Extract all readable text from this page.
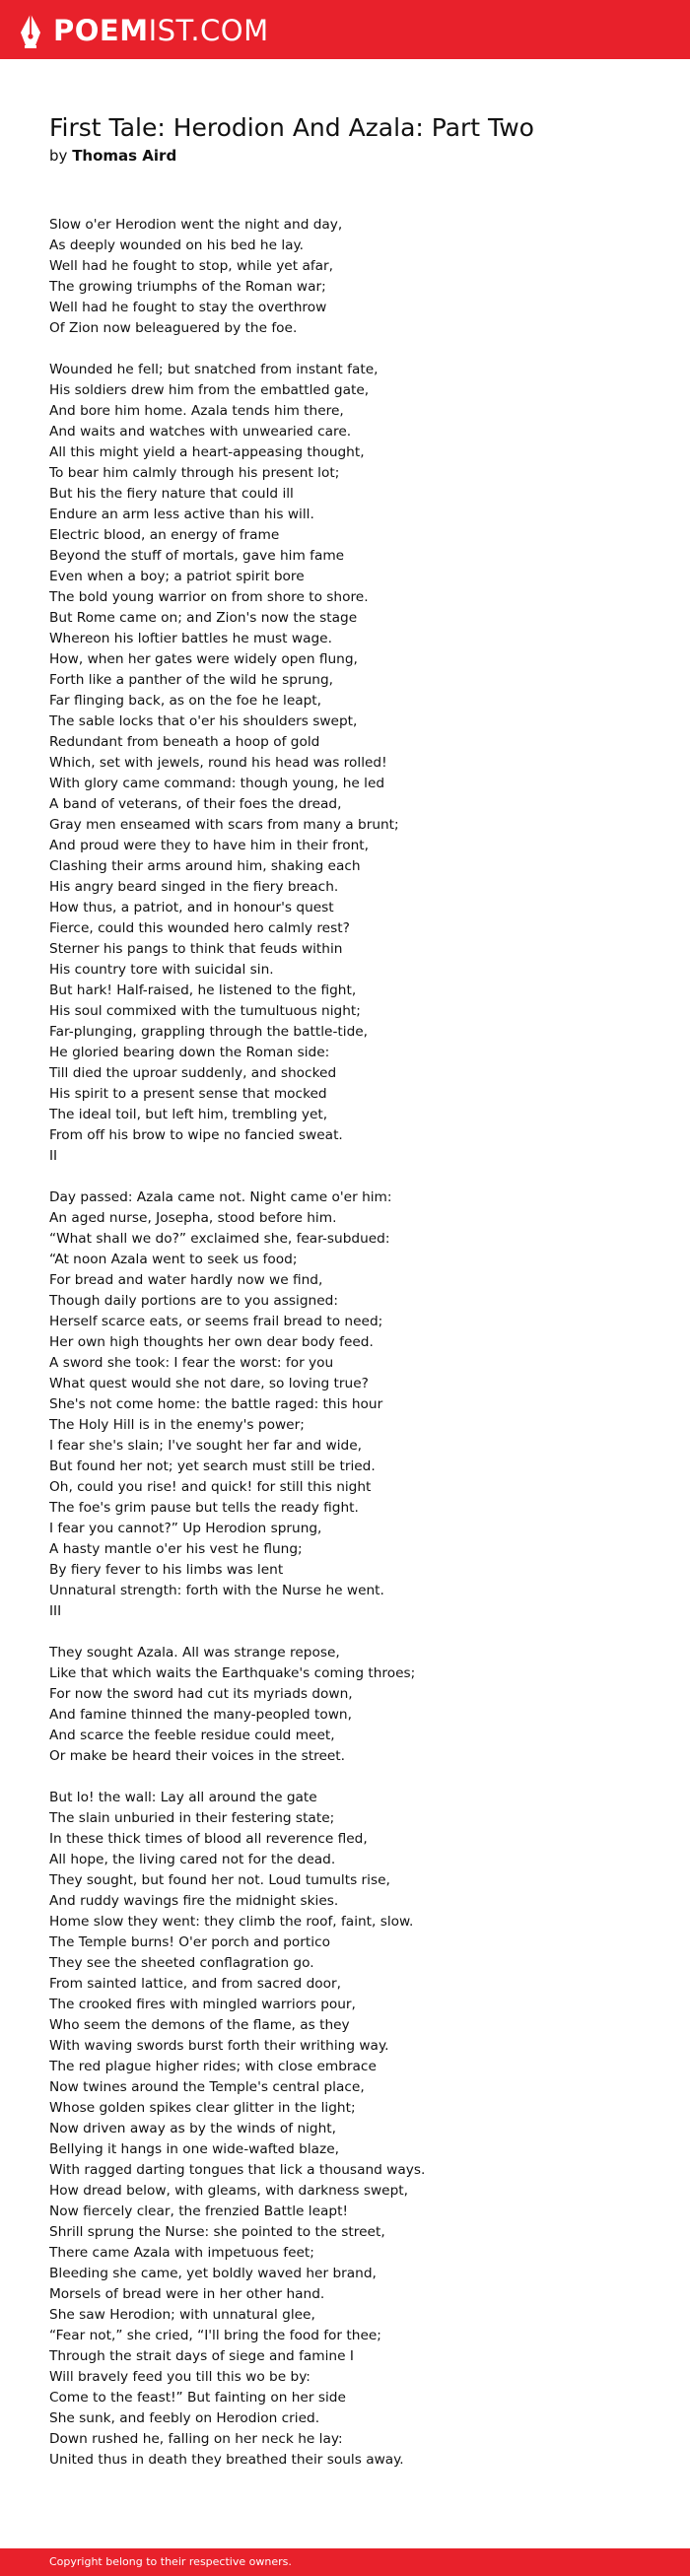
POEMIST.COM
First Tale: Herodion And Azala: Part Two
by Thomas Aird
Slow o'er Herodion went the night and day,
As deeply wounded on his bed he lay.
Well had he fought to stop, while yet afar,
The growing triumphs of the Roman war;
Well had he fought to stay the overthrow
Of Zion now beleaguered by the foe.
Wounded he fell; but snatched from instant fate,
His soldiers drew him from the embattled gate,
And bore him home. Azala tends him there,
And waits and watches with unwearied care.
All this might yield a heart-appeasing thought,
To bear him calmly through his present lot;
But his the fiery nature that could ill
Endure an arm less active than his will.
Electric blood, an energy of frame
Beyond the stuff of mortals, gave him fame
Even when a boy; a patriot spirit bore
The bold young warrior on from shore to shore.
But Rome came on; and Zion's now the stage
Whereon his loftier battles he must wage.
How, when her gates were widely open flung,
Forth like a panther of the wild he sprung,
Far flinging back, as on the foe he leapt,
The sable locks that o'er his shoulders swept,
Redundant from beneath a hoop of gold
Which, set with jewels, round his head was rolled!
With glory came command: though young, he led
A band of veterans, of their foes the dread,
Gray men enseamed with scars from many a brunt;
And proud were they to have him in their front,
Clashing their arms around him, shaking each
His angry beard singed in the fiery breach.
How thus, a patriot, and in honour's quest
Fierce, could this wounded hero calmly rest?
Sterner his pangs to think that feuds within
His country tore with suicidal sin.
But hark! Half-raised, he listened to the fight,
His soul commixed with the tumultuous night;
Far-plunging, grappling through the battle-tide,
He gloried bearing down the Roman side:
Till died the uproar suddenly, and shocked
His spirit to a present sense that mocked
The ideal toil, but left him, trembling yet,
From off his brow to wipe no fancied sweat.
II
Day passed: Azala came not. Night came o'er him:
An aged nurse, Josepha, stood before him.
“What shall we do?” exclaimed she, fear-subdued:
“At noon Azala went to seek us food;
For bread and water hardly now we find,
Though daily portions are to you assigned:
Herself scarce eats, or seems frail bread to need;
Her own high thoughts her own dear body feed.
A sword she took: I fear the worst: for you
What quest would she not dare, so loving true?
She's not come home: the battle raged: this hour
The Holy Hill is in the enemy's power;
I fear she's slain; I've sought her far and wide,
But found her not; yet search must still be tried.
Oh, could you rise! and quick! for still this night
The foe's grim pause but tells the ready fight.
I fear you cannot?” Up Herodion sprung,
A hasty mantle o'er his vest he flung;
By fiery fever to his limbs was lent
Unnatural strength: forth with the Nurse he went.
III
They sought Azala. All was strange repose,
Like that which waits the Earthquake's coming throes;
For now the sword had cut its myriads down,
And famine thinned the many-peopled town,
And scarce the feeble residue could meet,
Or make be heard their voices in the street.
But lo! the wall: Lay all around the gate
The slain unburied in their festering state;
In these thick times of blood all reverence fled,
All hope, the living cared not for the dead.
They sought, but found her not. Loud tumults rise,
And ruddy wavings fire the midnight skies.
Home slow they went: they climb the roof, faint, slow.
The Temple burns! O'er porch and portico
They see the sheeted conflagration go.
From sainted lattice, and from sacred door,
The crooked fires with mingled warriors pour,
Who seem the demons of the flame, as they
With waving swords burst forth their writhing way.
The red plague higher rides; with close embrace
Now twines around the Temple's central place,
Whose golden spikes clear glitter in the light;
Now driven away as by the winds of night,
Bellying it hangs in one wide-wafted blaze,
With ragged darting tongues that lick a thousand ways.
How dread below, with gleams, with darkness swept,
Now fiercely clear, the frenzied Battle leapt!
Shrill sprung the Nurse: she pointed to the street,
There came Azala with impetuous feet;
Bleeding she came, yet boldly waved her brand,
Morsels of bread were in her other hand.
She saw Herodion; with unnatural glee,
“Fear not,” she cried, “I'll bring the food for thee;
Through the strait days of siege and famine I
Will bravely feed you till this wo be by:
Come to the feast!” But fainting on her side
She sunk, and feebly on Herodion cried.
Down rushed he, falling on her neck he lay:
United thus in death they breathed their souls away.
Copyright belong to their respective owners.
